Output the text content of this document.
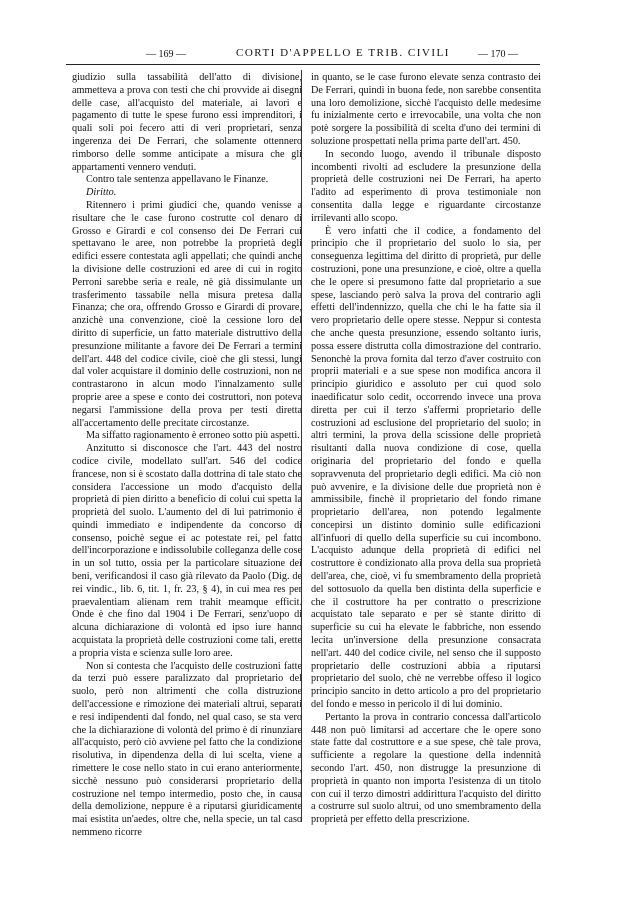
— 169 —	CORTI D'APPELLO E TRIB. CIVILI	— 170 —

giudizio sulla tassabilità dell'atto di divisione, ammetteva a prova con testi che chi provvide ai disegni delle case, all'acquisto del materiale, ai lavori e pagamento di tutte le spese furono essi imprenditori, i quali soli poi fecero atti di veri proprietari, senza ingerenza dei De Ferrari, che solamente ottennero rimborso delle somme anticipate a misura che gli appartamenti vennero venduti.

Contro tale sentenza appellavano le Finanze.

Diritto.

Ritennero i primi giudici che, quando venisse a risultare che le case furono costrutte col denaro di Grosso e Girardi e col consenso dei De Ferrari cui spettavano le aree, non potrebbe la proprietà degli edifici essere contestata agli appellati; che quindi anche la divisione delle costruzioni ed aree di cui in rogito Perroni sarebbe seria e reale, nè già dissimulante un trasferimento tassabile nella misura pretesa dalla Finanza; che ora, offrendo Grosso e Girardi di provare, anzichè una convenzione, cioè la cessione loro del diritto di superficie, un fatto materiale distruttivo della presunzione militante a favore dei De Ferrari a termini dell'art. 448 del codice civile, cioè che gli stessi, lungi dal voler acquistare il dominio delle costruzioni, non ne contrastarono in alcun modo l'innalzamento sulle proprie aree a spese e conto dei costruttori, non poteva negarsi l'ammissione della prova per testi diretta all'accertamento delle precitate circostanze.

Ma siffatto ragionamento è erroneo sotto più aspetti.

Anzitutto si disconosce che l'art. 443 del nostro codice civile, modellato sull'art. 546 del codice francese, non si è scostato dalla dottrina di tale stato che considera l'accessione un modo d'acquisto della proprietà di pien diritto a beneficio di colui cui spetta la proprietà del suolo. L'aumento del di lui patrimonio è quindi immediato e indipendente da concorso di consenso, poichè segue ei ac potestate rei, pel fatto dell'incorporazione e indissolubile colleganza delle cose in un sol tutto, ossia per la particolare situazione dei beni, verificandosi il caso già rilevato da Paolo (Dig. de rei vindic., lib. 6, tit. 1, fr. 23, § 4), in cui mea res per praevalentiam alienam rem trahit meamque efficit. Onde è che fino dal 1904 i De Ferrari, senz'uopo di alcuna dichiarazione di volontà ed ipso iure hanno acquistata la proprietà delle costruzioni come tali, erette a propria vista e scienza sulle loro aree.

Non si contesta che l'acquisto delle costruzioni fatte da terzi può essere paralizzato dal proprietario del suolo, però non altrimenti che colla distruzione dell'accessione e rimozione dei materiali altrui, separati e resi indipendenti dal fondo, nel qual caso, se sta vero che la dichiarazione di volontà del primo è di rinunziare all'acquisto, però ciò avviene pel fatto che la condizione risolutiva, in dipendenza della di lui scelta, viene a rimettere le cose nello stato in cui erano anteriormente, sicchè nessuno può considerarsi proprietario della costruzione nel tempo intermedio, posto che, in causa della demolizione, neppure è a riputarsi giuridicamente mai esistita un'aedes, oltre che, nella specie, un tal caso nemmeno ricorre

in quanto, se le case furono elevate senza contrasto dei De Ferrari, quindi in buona fede, non sarebbe consentita una loro demolizione, sicchè l'acquisto delle medesime fu inizialmente certo e irrevocabile, una volta che non potè sorgere la possibilità di scelta d'uno dei termini di soluzione prospettati nella prima parte dell'art. 450.

In secondo luogo, avendo il tribunale disposto incombenti rivolti ad escludere la presunzione della proprietà delle costruzioni nei De Ferrari, ha aperto l'adito ad esperimento di prova testimoniale non consentita dalla legge e riguardante circostanze irrilevanti allo scopo.

È vero infatti che il codice, a fondamento del principio che il proprietario del suolo lo sia, per conseguenza legittima del diritto di proprietà, pur delle costruzioni, pone una presunzione, e cioè, oltre a quella che le opere si presumono fatte dal proprietario a sue spese, lasciando però salva la prova del contrario agli effetti dell'indennizzo, quella che chi le ha fatte sia il vero proprietario delle opere stesse. Neppur si contesta che anche questa presunzione, essendo soltanto iuris, possa essere distrutta colla dimostrazione del contrario. Senonchè la prova fornita dal terzo d'aver costruito con proprii materiali e a sue spese non modifica ancora il principio giuridico e assoluto per cui quod solo inaedificatur solo cedit, occorrendo invece una prova diretta per cui il terzo s'affermi proprietario delle costruzioni ad esclusione del proprietario del suolo; in altri termini, la prova della scissione delle proprietà risultanti dalla nuova condizione di cose, quella originaria del proprietario del fondo e quella sopravvenuta del proprietario degli edifici. Ma ciò non può avvenire, e la divisione delle due proprietà non è ammissibile, finchè il proprietario del fondo rimane proprietario dell'area, non potendo legalmente concepirsi un distinto dominio sulle edificazioni all'infuori di quello della superficie su cui incombono. L'acquisto adunque della proprietà di edifici nel costruttore è condizionato alla prova della sua proprietà dell'area, che, cioè, vi fu smembramento della proprietà del sottosuolo da quella ben distinta della superficie e che il costruttore ha per contratto o prescrizione acquistato tale separato e per sè stante diritto di superficie su cui ha elevate le fabbriche, non essendo lecita un'inversione della presunzione consacrata nell'art. 440 del codice civile, nel senso che il supposto proprietario delle costruzioni abbia a riputarsi proprietario del suolo, chè ne verrebbe offeso il logico principio sancito in detto articolo a pro del proprietario del fondo e messo in pericolo il di lui dominio.

Pertanto la prova in contrario concessa dall'articolo 448 non può limitarsi ad accertare che le opere sono state fatte dal costruttore e a sue spese, chè tale prova, sufficiente a regolare la questione della indennità secondo l'art. 450, non distrugge la presunzione di proprietà in quanto non importa l'esistenza di un titolo con cui il terzo dimostri addirittura l'acquisto del diritto a costrurre sul suolo altrui, od uno smembramento della proprietà per effetto della prescrizione.
